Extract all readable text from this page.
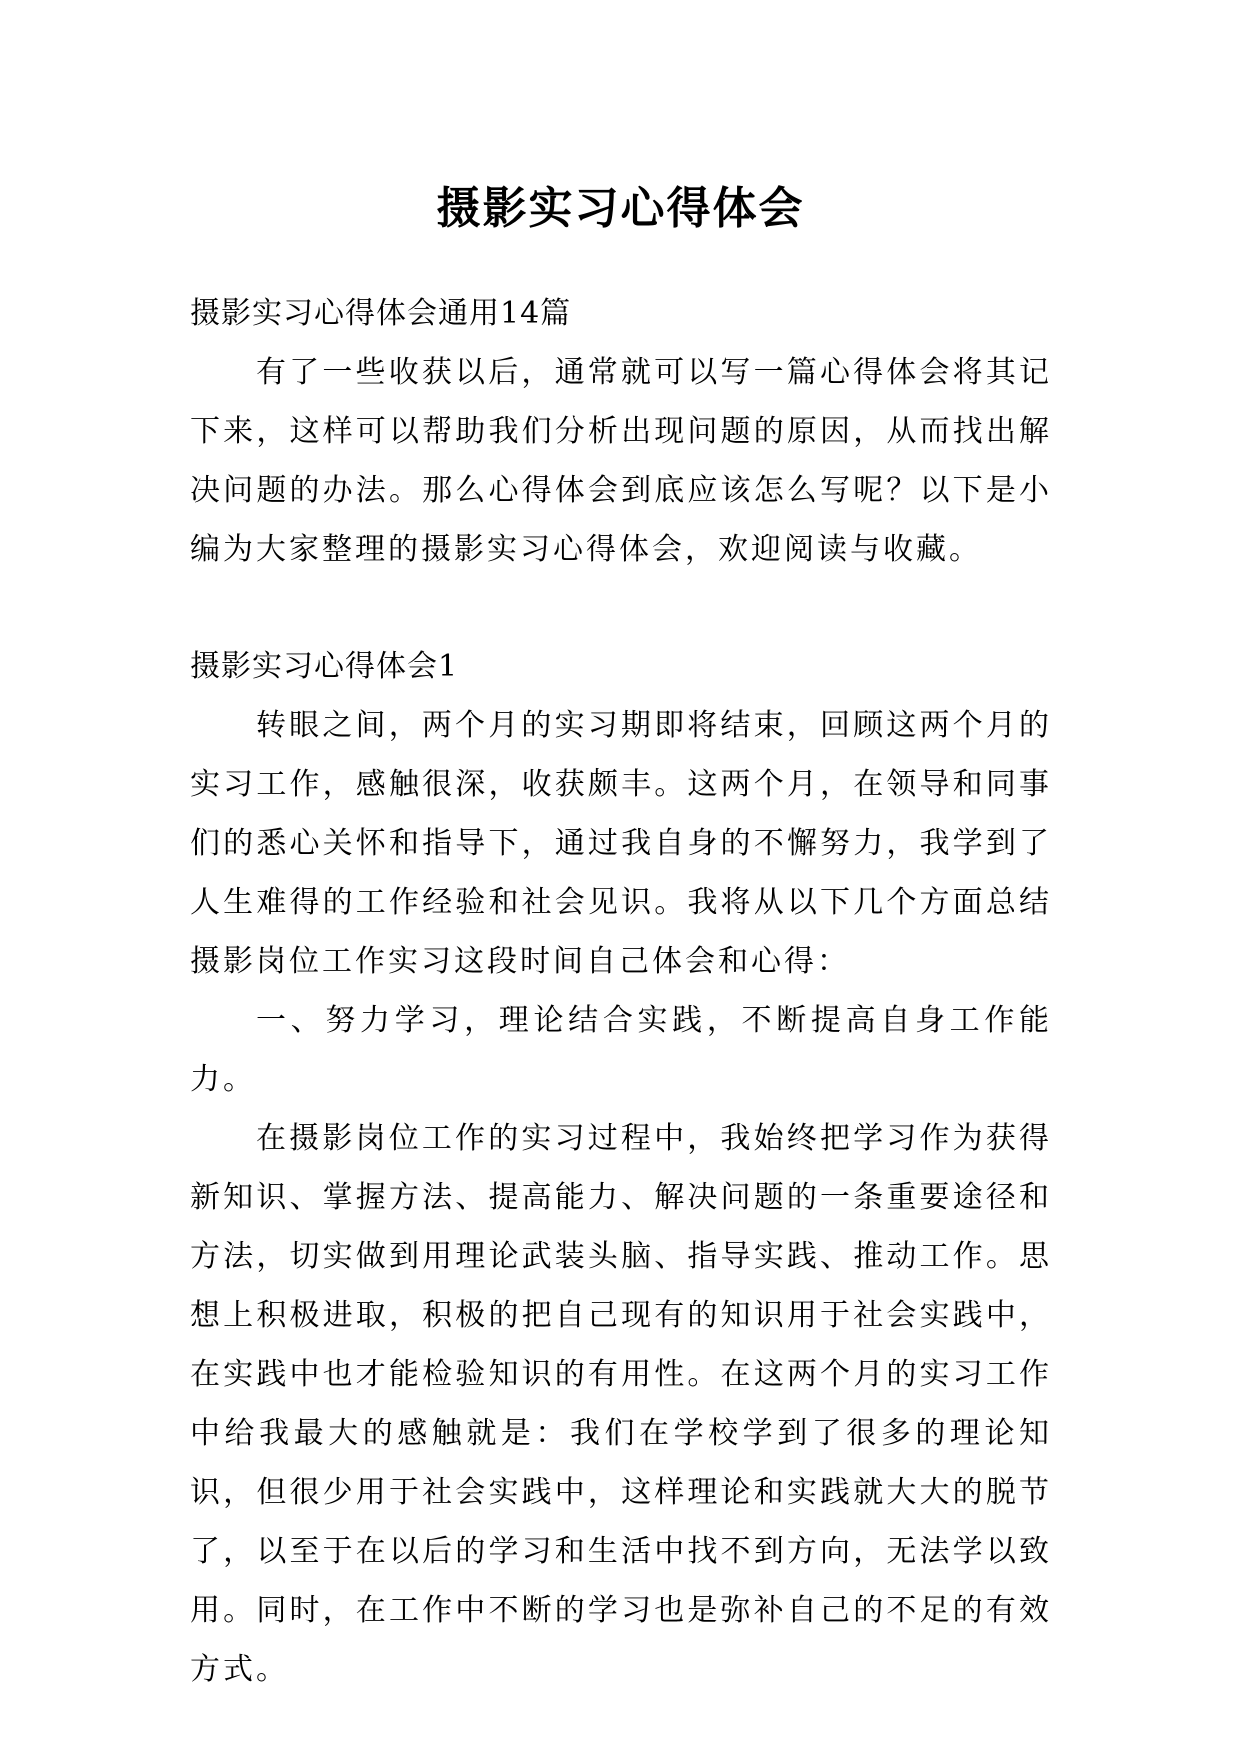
摄影实习心得体会

摄影实习心得体会通用14篇

有了一些收获以后，通常就可以写一篇心得体会将其记下来，这样可以帮助我们分析出现问题的原因，从而找出解决问题的办法。那么心得体会到底应该怎么写呢？以下是小编为大家整理的摄影实习心得体会，欢迎阅读与收藏。

摄影实习心得体会1

转眼之间，两个月的实习期即将结束，回顾这两个月的实习工作，感触很深，收获颇丰。这两个月，在领导和同事们的悉心关怀和指导下，通过我自身的不懈努力，我学到了人生难得的工作经验和社会见识。我将从以下几个方面总结摄影岗位工作实习这段时间自己体会和心得：

一、努力学习，理论结合实践，不断提高自身工作能力。

在摄影岗位工作的实习过程中，我始终把学习作为获得新知识、掌握方法、提高能力、解决问题的一条重要途径和方法，切实做到用理论武装头脑、指导实践、推动工作。思想上积极进取，积极的把自己现有的知识用于社会实践中，在实践中也才能检验知识的有用性。在这两个月的实习工作中给我最大的感触就是：我们在学校学到了很多的理论知识，但很少用于社会实践中，这样理论和实践就大大的脱节了，以至于在以后的学习和生活中找不到方向，无法学以致用。同时，在工作中不断的学习也是弥补自己的不足的有效方式。
